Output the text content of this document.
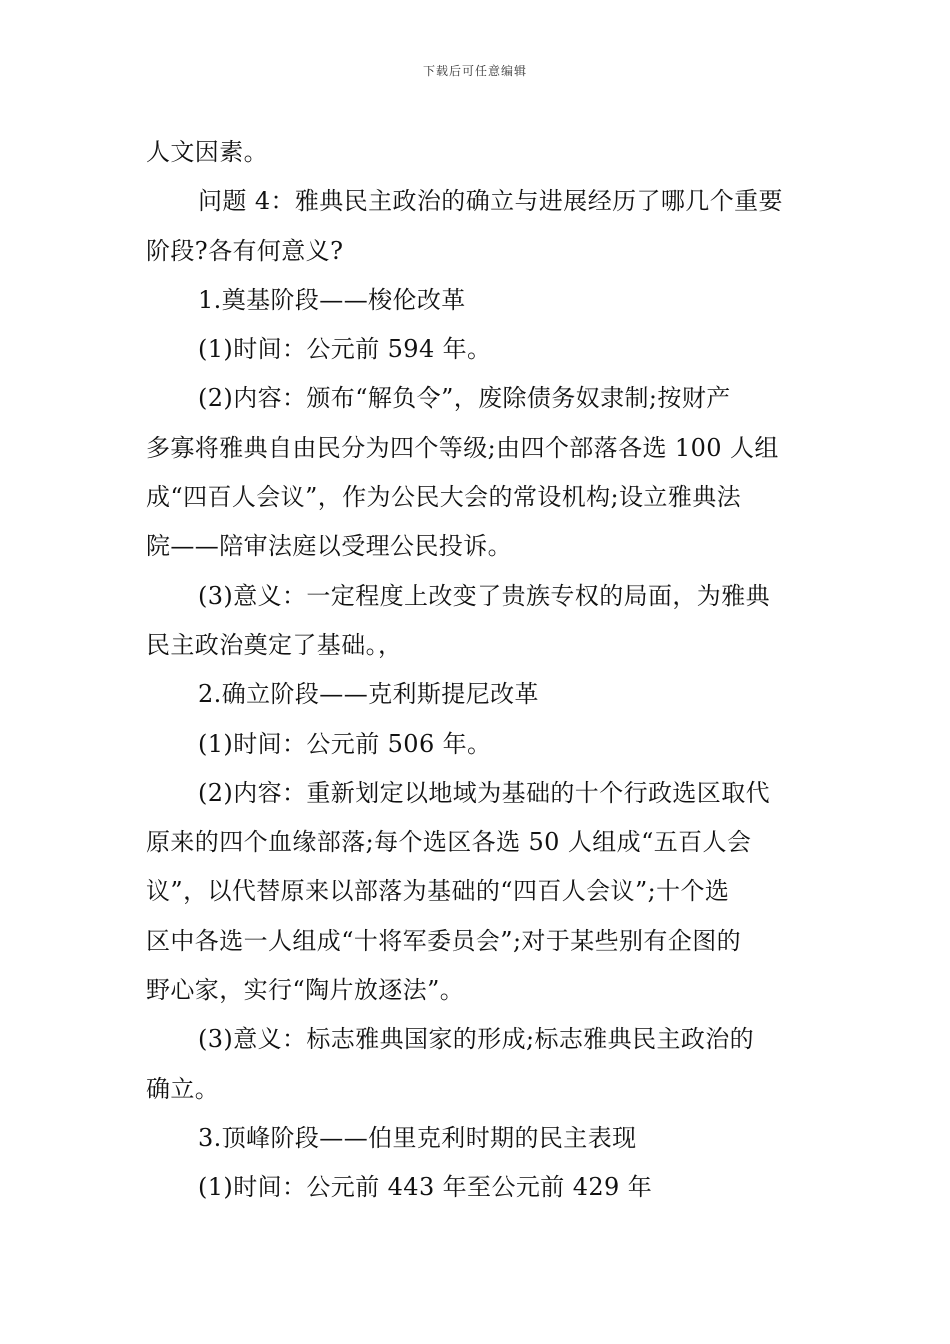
下载后可任意编辑
人文因素。
问题 4：雅典民主政治的确立与进展经历了哪几个重要
阶段?各有何意义?
1.奠基阶段——梭伦改革
(1)时间：公元前 594 年。
(2)内容：颁布“解负令”，废除债务奴隶制;按财产
多寡将雅典自由民分为四个等级;由四个部落各选 100 人组
成“四百人会议”，作为公民大会的常设机构;设立雅典法
院——陪审法庭以受理公民投诉。
(3)意义：一定程度上改变了贵族专权的局面，为雅典
民主政治奠定了基础。，
2.确立阶段——克利斯提尼改革
(1)时间：公元前 506 年。
(2)内容：重新划定以地域为基础的十个行政选区取代
原来的四个血缘部落;每个选区各选 50 人组成“五百人会
议”，以代替原来以部落为基础的“四百人会议”;十个选
区中各选一人组成“十将军委员会”;对于某些别有企图的
野心家，实行“陶片放逐法”。
(3)意义：标志雅典国家的形成;标志雅典民主政治的
确立。
3.顶峰阶段——伯里克利时期的民主表现
(1)时间：公元前 443 年至公元前 429 年
